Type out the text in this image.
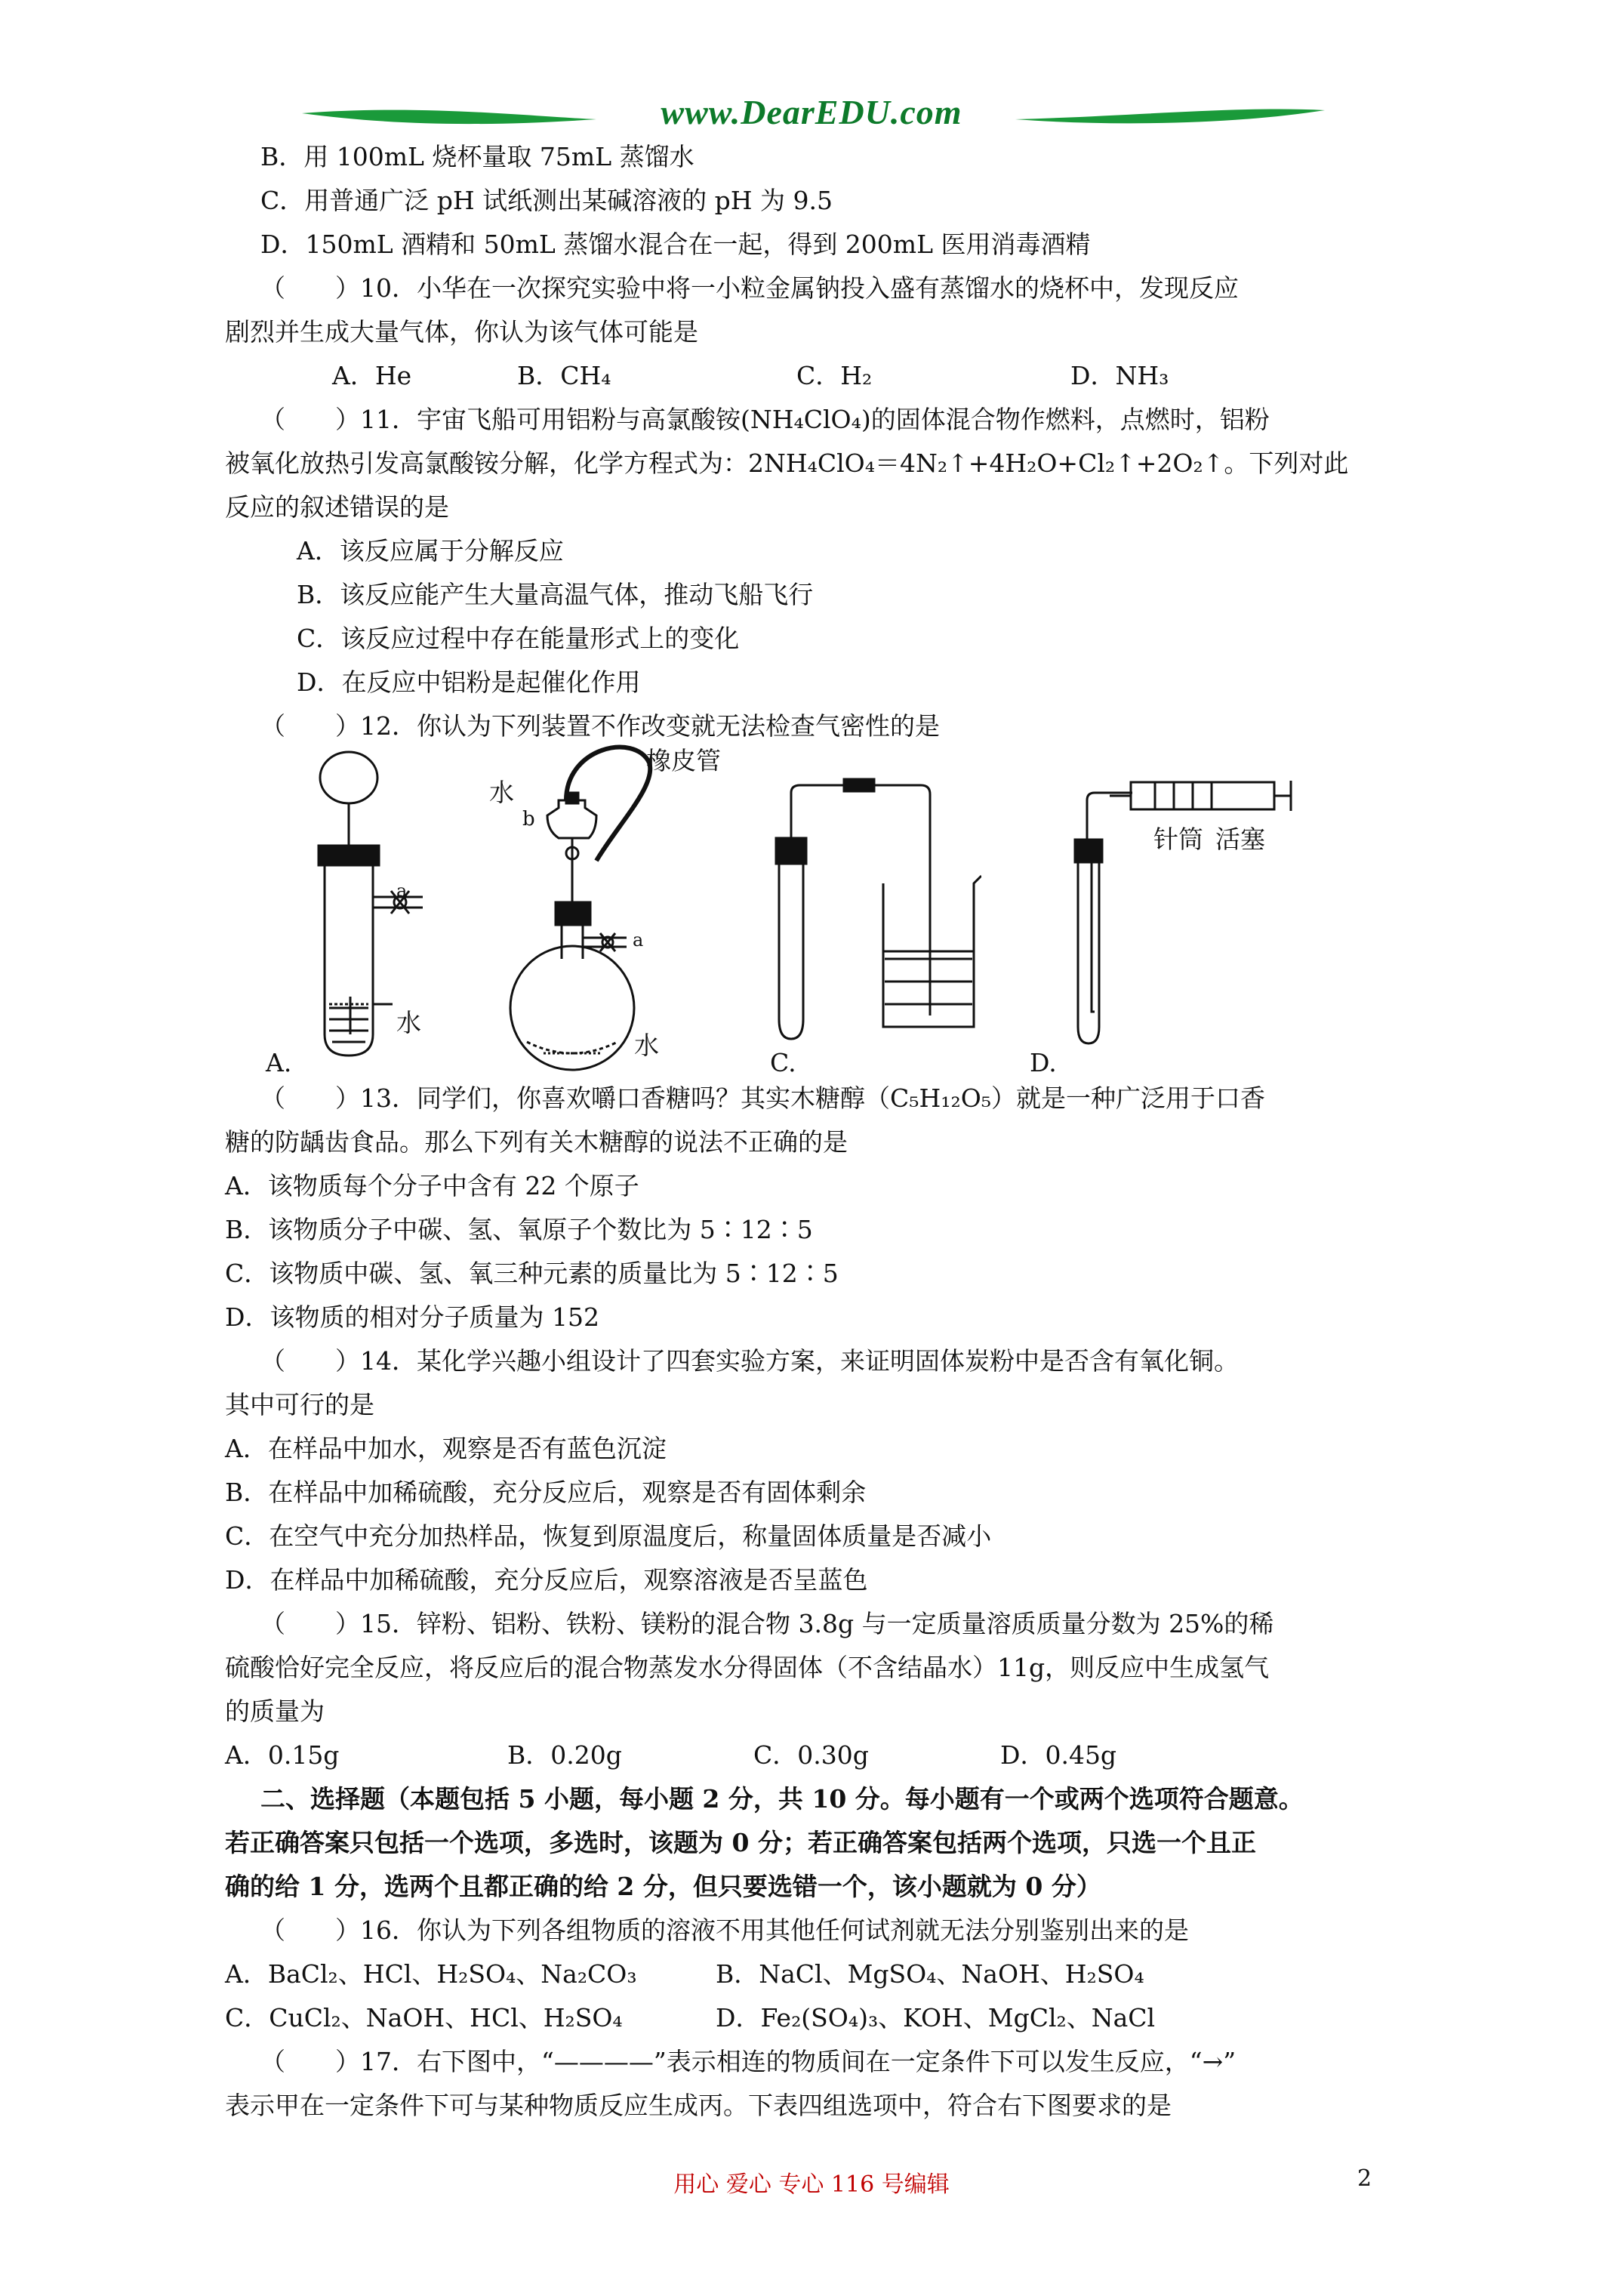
www.DearEDU.com
B．用 100mL 烧杯量取 75mL 蒸馏水
C．用普通广泛 pH 试纸测出某碱溶液的 pH 为 9.5
D．150mL 酒精和 50mL 蒸馏水混合在一起，得到 200mL 医用消毒酒精
（　　）10．小华在一次探究实验中将一小粒金属钠投入盛有蒸馏水的烧杯中，发现反应
剧烈并生成大量气体，你认为该气体可能是
A．He	B．CH₄	C．H₂	D．NH₃
（　　）11．宇宙飞船可用铝粉与高氯酸铵(NH₄ClO₄)的固体混合物作燃料，点燃时，铝粉
被氧化放热引发高氯酸铵分解，化学方程式为：2NH₄ClO₄＝4N₂↑+4H₂O+Cl₂↑+2O₂↑。下列对此
反应的叙述错误的是
A．该反应属于分解反应
B．该反应能产生大量高温气体，推动飞船飞行
C．该反应过程中存在能量形式上的变化
D．在反应中铝粉是起催化作用
（　　）12．你认为下列装置不作改变就无法检查气密性的是
a
水
A.
水
b
a
水
橡皮管
C.
针筒 活塞
D.
（　　）13．同学们，你喜欢嚼口香糖吗？其实木糖醇（C₅H₁₂O₅）就是一种广泛用于口香
糖的防龋齿食品。那么下列有关木糖醇的说法不正确的是
A．该物质每个分子中含有 22 个原子
B．该物质分子中碳、氢、氧原子个数比为 5∶12∶5
C．该物质中碳、氢、氧三种元素的质量比为 5∶12∶5
D．该物质的相对分子质量为 152
（　　）14．某化学兴趣小组设计了四套实验方案，来证明固体炭粉中是否含有氧化铜。
其中可行的是
A．在样品中加水，观察是否有蓝色沉淀
B．在样品中加稀硫酸，充分反应后，观察是否有固体剩余
C．在空气中充分加热样品，恢复到原温度后，称量固体质量是否减小
D．在样品中加稀硫酸，充分反应后，观察溶液是否呈蓝色
（　　）15．锌粉、铝粉、铁粉、镁粉的混合物 3.8g 与一定质量溶质质量分数为 25%的稀
硫酸恰好完全反应，将反应后的混合物蒸发水分得固体（不含结晶水）11g，则反应中生成氢气
的质量为
A．0.15g	B．0.20g	C．0.30g	D．0.45g
二、选择题（本题包括 5 小题，每小题 2 分，共 10 分。每小题有一个或两个选项符合题意。
若正确答案只包括一个选项，多选时，该题为 0 分；若正确答案包括两个选项，只选一个且正
确的给 1 分，选两个且都正确的给 2 分，但只要选错一个，该小题就为 0 分）
（　　）16．你认为下列各组物质的溶液不用其他任何试剂就无法分别鉴别出来的是
A．BaCl₂、HCl、H₂SO₄、Na₂CO₃	B．NaCl、MgSO₄、NaOH、H₂SO₄
C．CuCl₂、NaOH、HCl、H₂SO₄	D．Fe₂(SO₄)₃、KOH、MgCl₂、NaCl
（　　）17．右下图中，“————”表示相连的物质间在一定条件下可以发生反应，“→”
表示甲在一定条件下可与某种物质反应生成丙。下表四组选项中，符合右下图要求的是
用心 爱心 专心 116 号编辑	2
